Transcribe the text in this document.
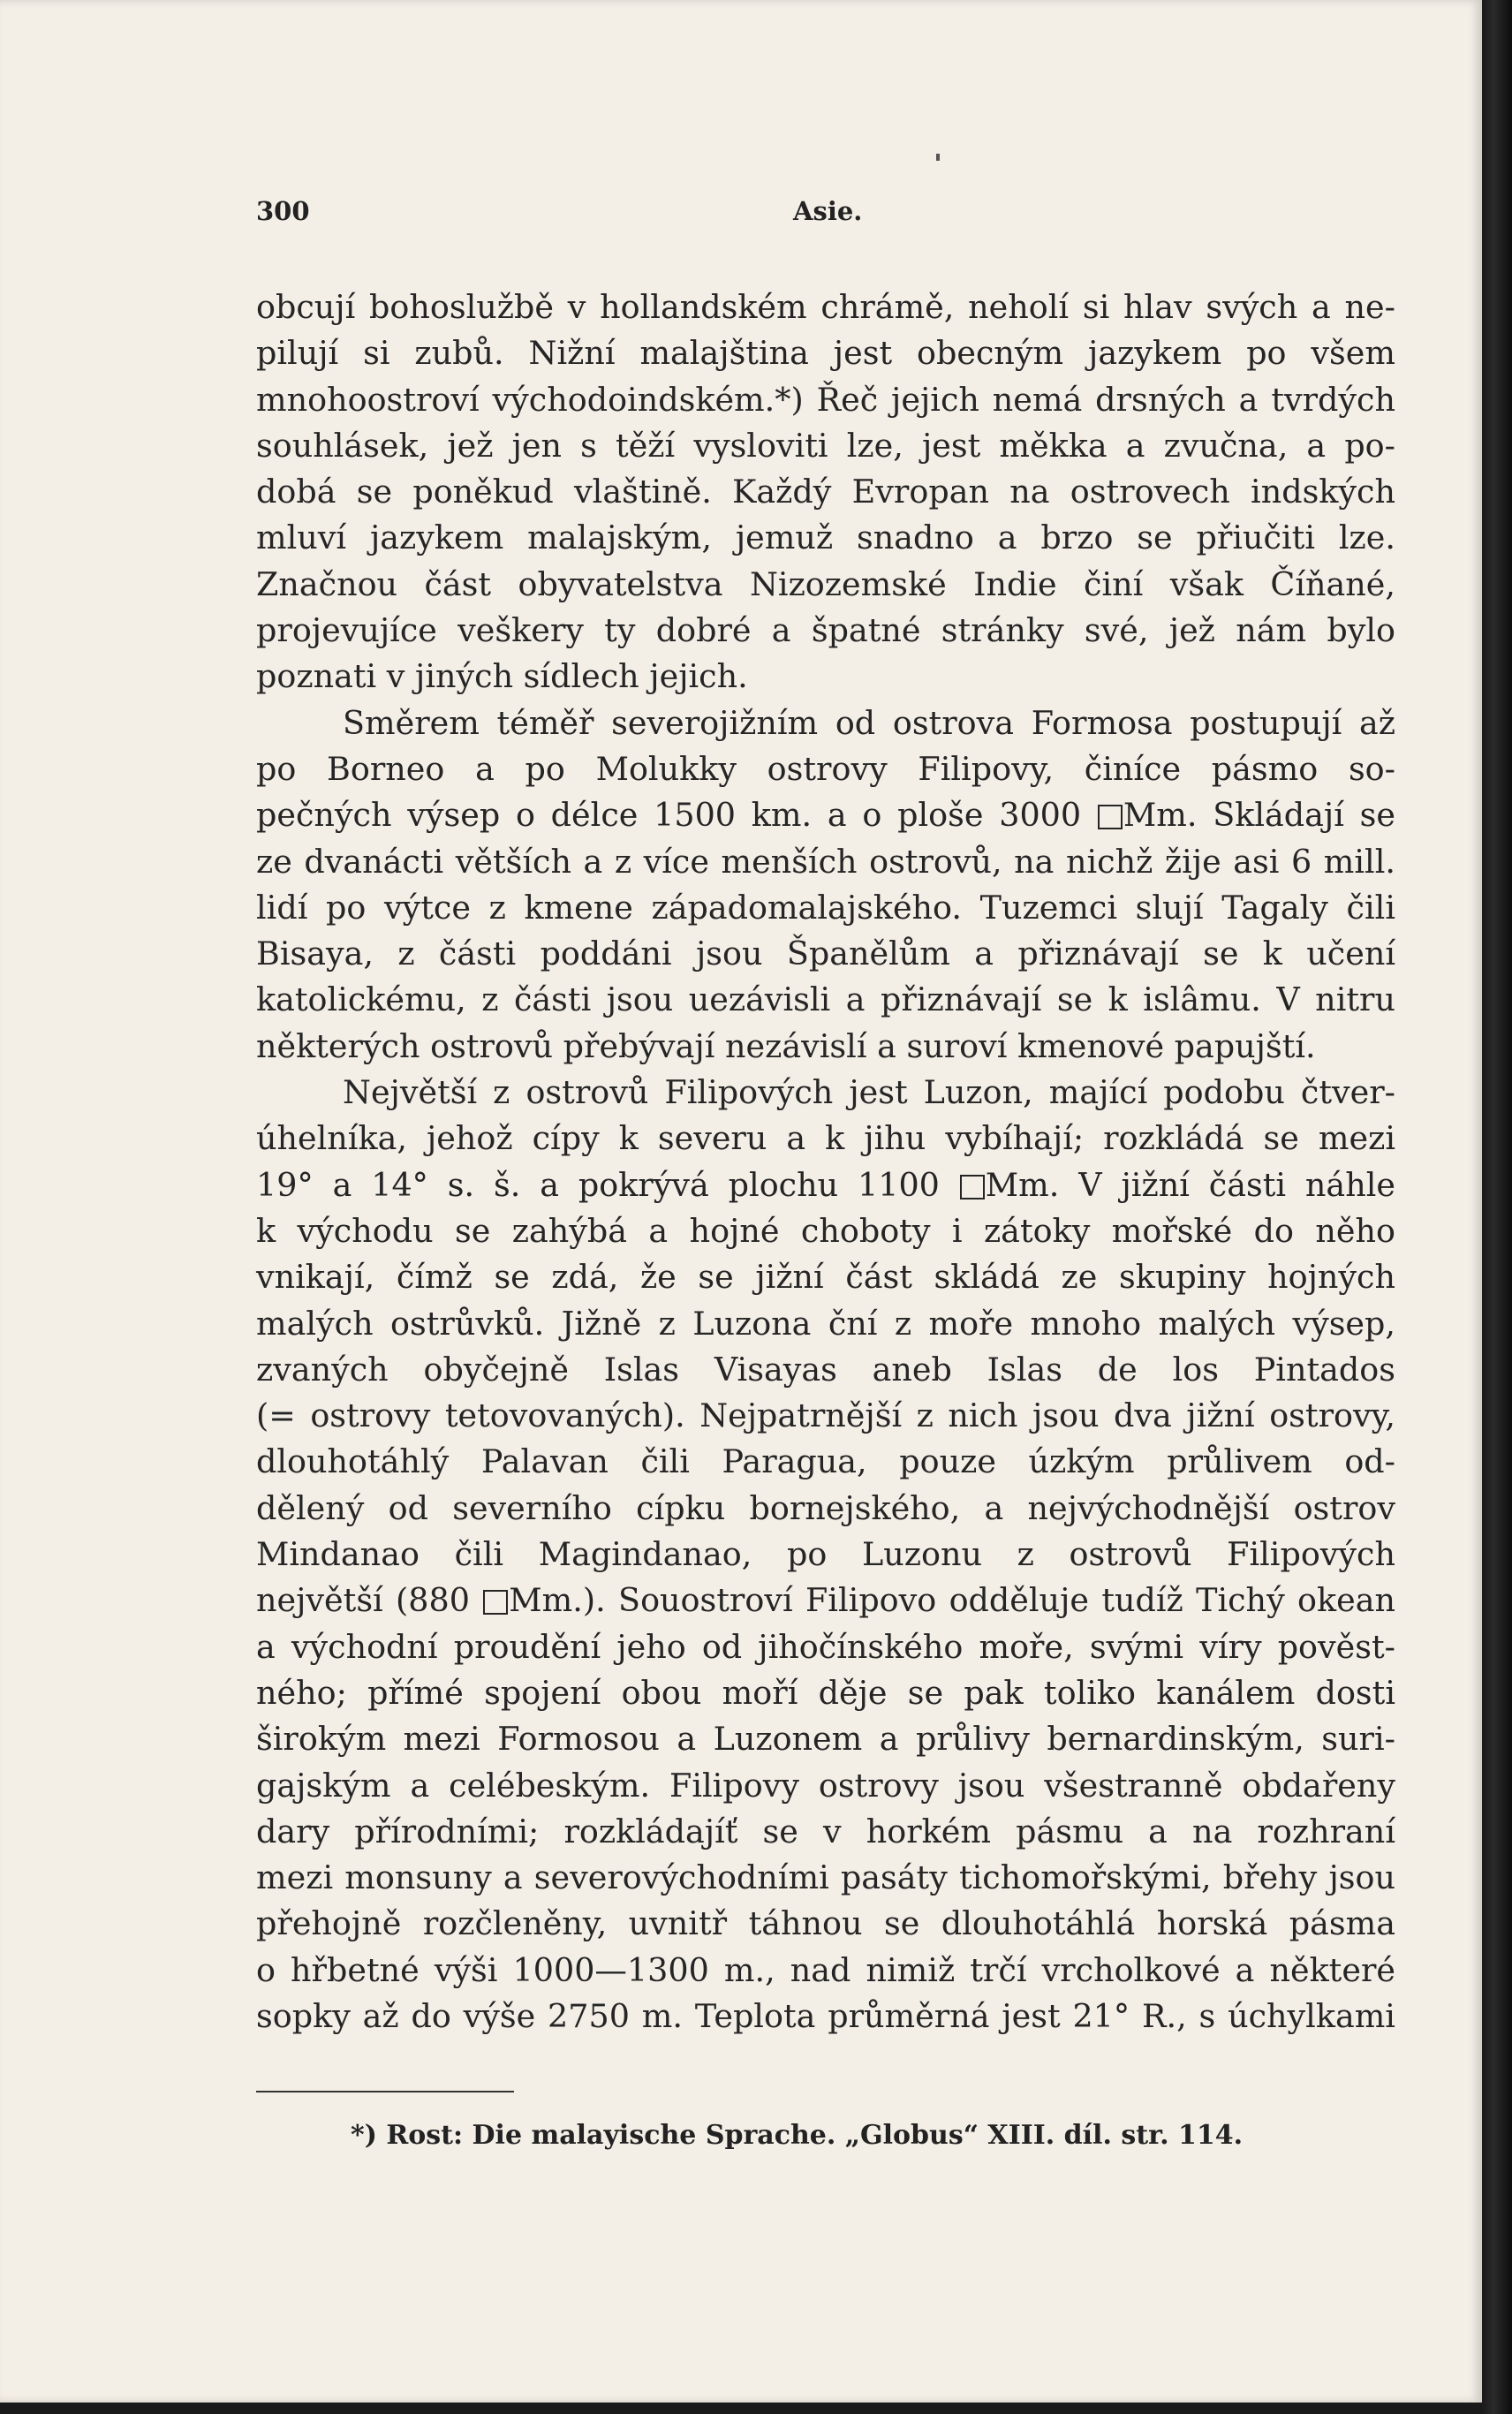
300	Asie.
obcují bohoslužbě v hollandském chrámě, neholí si hlav svých a ne-
pilují si zubů. Nižní malajština jest obecným jazykem po všem
mnohoostroví východoindském.*) Řeč jejich nemá drsných a tvrdých
souhlásek, jež jen s těží vysloviti lze, jest měkka a zvučna, a po-
dobá se poněkud vlaštině. Každý Evropan na ostrovech indských
mluví jazykem malajským, jemuž snadno a brzo se přiučiti lze.
Značnou část obyvatelstva Nizozemské Indie činí však Číňané,
projevujíce veškery ty dobré a špatné stránky své, jež nám bylo
poznati v jiných sídlech jejich.
Směrem téměř severojižním od ostrova Formosa postupují až
po Borneo a po Molukky ostrovy Filipovy, činíce pásmo so-
pečných výsep o délce 1500 km. a o ploše 3000 Mm. Skládají se
ze dvanácti větších a z více menších ostrovů, na nichž žije asi 6 mill.
lidí po výtce z kmene západomalajského. Tuzemci slují Tagaly čili
Bisaya, z části poddáni jsou Španělům a přiznávají se k učení
katolickému, z části jsou uezávisli a přiznávají se k islâmu. V nitru
některých ostrovů přebývají nezávislí a suroví kmenové papujští.
Největší z ostrovů Filipových jest Luzon, mající podobu čtver-
úhelníka, jehož cípy k severu a k jihu vybíhají; rozkládá se mezi
19° a 14° s. š. a pokrývá plochu 1100 Mm. V jižní části náhle
k východu se zahýbá a hojné choboty i zátoky mořské do něho
vnikají, čímž se zdá, že se jižní část skládá ze skupiny hojných
malých ostrůvků. Jižně z Luzona ční z moře mnoho malých výsep,
zvaných obyčejně Islas Visayas aneb Islas de los Pintados
(= ostrovy tetovovaných). Nejpatrnější z nich jsou dva jižní ostrovy,
dlouhotáhlý Palavan čili Paragua, pouze úzkým průlivem od-
dělený od severního cípku bornejského, a nejvýchodnější ostrov
Mindanao čili Magindanao, po Luzonu z ostrovů Filipových
největší (880 Mm.). Souostroví Filipovo odděluje tudíž Tichý okean
a východní proudění jeho od jihočínského moře, svými víry pověst-
ného; přímé spojení obou moří děje se pak toliko kanálem dosti
širokým mezi Formosou a Luzonem a průlivy bernardinským, suri-
gajským a celébeským. Filipovy ostrovy jsou všestranně obdařeny
dary přírodními; rozkládajíť se v horkém pásmu a na rozhraní
mezi monsuny a severovýchodními pasáty tichomořskými, břehy jsou
přehojně rozčleněny, uvnitř táhnou se dlouhotáhlá horská pásma
o hřbetné výši 1000—1300 m., nad nimiž trčí vrcholkové a některé
sopky až do výše 2750 m. Teplota průměrná jest 21° R., s úchylkami
*) Rost: Die malayische Sprache. „Globus“ XIII. díl. str. 114.
